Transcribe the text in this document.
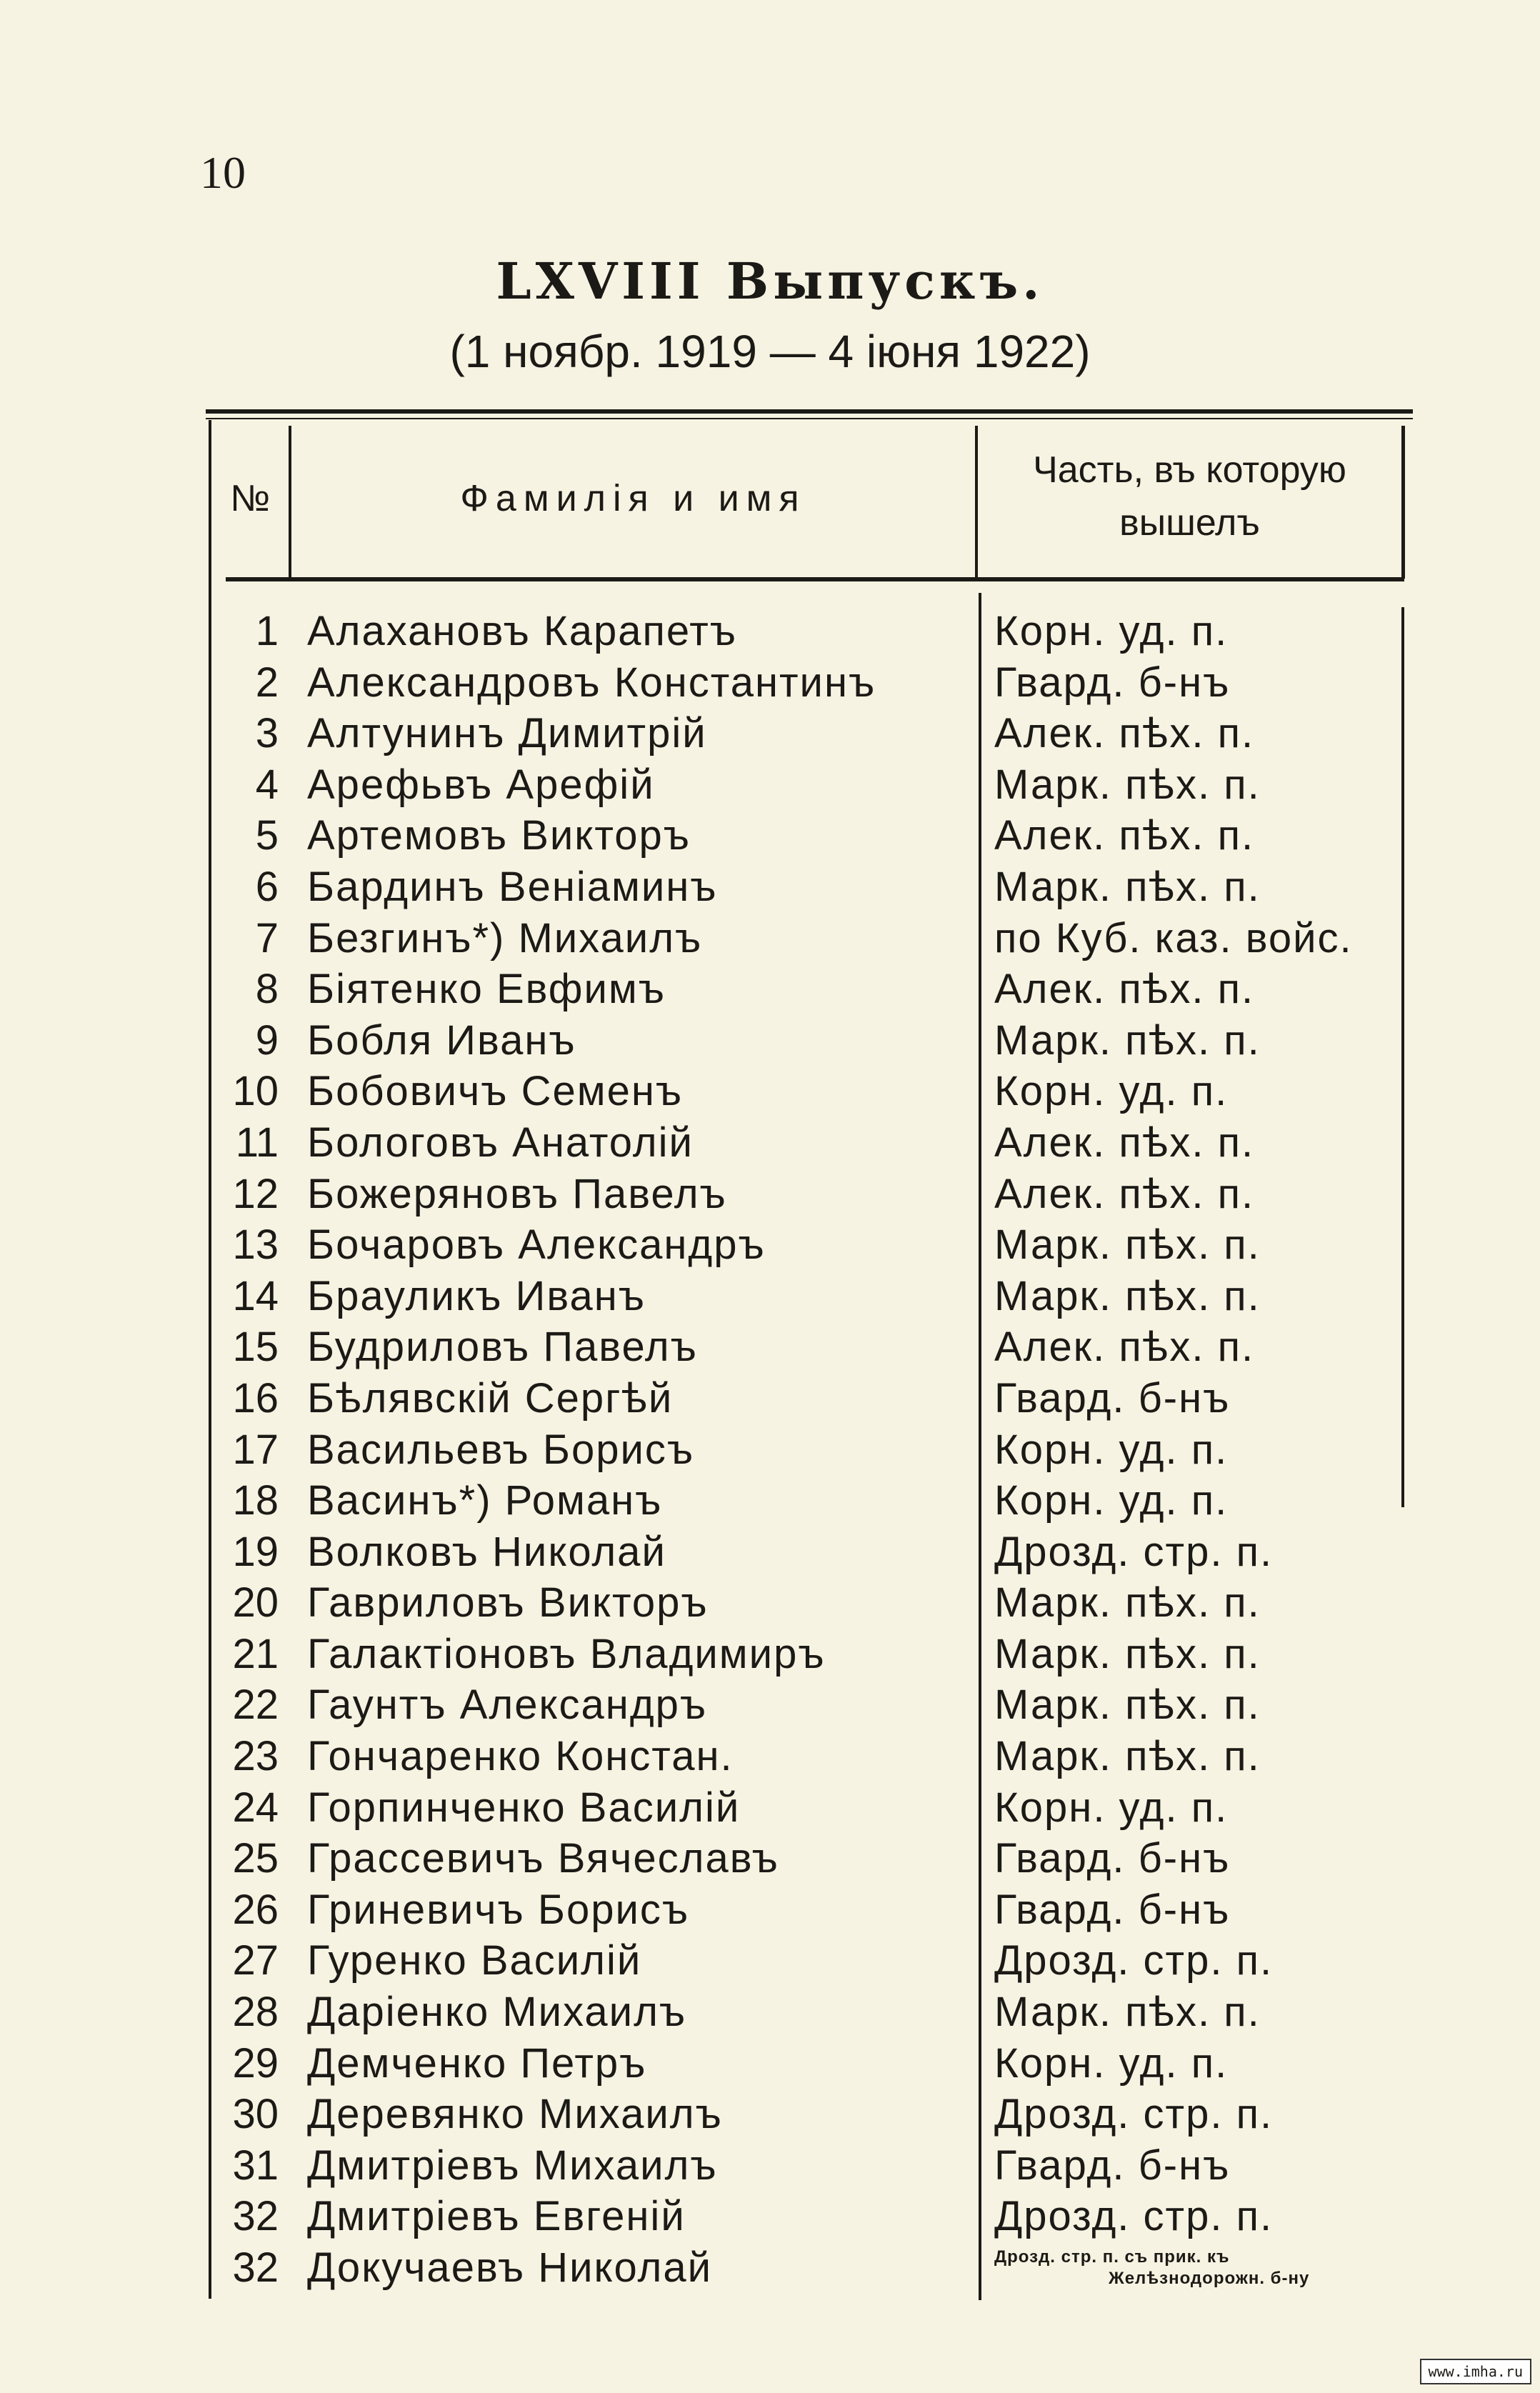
10
LXVIII Выпускъ.
(1 ноябр. 1919 — 4 іюня 1922)
№	Фамилія и имя
Часть, въ которую
вышелъ
1 Алахановъ Карапетъ	Корн. уд. п.
2 Александровъ Константинъ	Гвард. б-нъ
3 Алтунинъ Димитрій	Алек. пѣх. п.
4 Арефьвъ Арефій	Марк. пѣх. п.
5 Артемовъ Викторъ	Алек. пѣх. п.
6 Бардинъ Веніаминъ	Марк. пѣх. п.
7 Безгинъ*) Михаилъ	по Куб. каз. войс.
8 Біятенко Евфимъ	Алек. пѣх. п.
9 Бобля Иванъ	Марк. пѣх. п.
10 Бобовичъ Семенъ	Корн. уд. п.
11 Бологовъ Анатолій	Алек. пѣх. п.
12 Божеряновъ Павелъ	Алек. пѣх. п.
13 Бочаровъ Александръ	Марк. пѣх. п.
14 Брауликъ Иванъ	Марк. пѣх. п.
15 Будриловъ Павелъ	Алек. пѣх. п.
16 Бѣлявскій Сергѣй	Гвард. б-нъ
17 Васильевъ Борисъ	Корн. уд. п.
18 Васинъ*) Романъ	Корн. уд. п.
19 Волковъ Николай	Дрозд. стр. п.
20 Гавриловъ Викторъ	Марк. пѣх. п.
21 Галактіоновъ Владимиръ	Марк. пѣх. п.
22 Гаунтъ Александръ	Марк. пѣх. п.
23 Гончаренко Констан.	Марк. пѣх. п.
24 Горпинченко Василій	Корн. уд. п.
25 Грассевичъ Вячеславъ	Гвард. б-нъ
26 Гриневичъ Борисъ	Гвард. б-нъ
27 Гуренко Василій	Дрозд. стр. п.
28 Даріенко Михаилъ	Марк. пѣх. п.
29 Демченко Петръ	Корн. уд. п.
30 Деревянко Михаилъ	Дрозд. стр. п.
31 Дмитріевъ Михаилъ	Гвард. б-нъ
32 Дмитріевъ Евгеній	Дрозд. стр. п.
32 Докучаевъ Николай	Дрозд. стр. п. съ прик. къ
Желѣзнодорожн. б-ну
www.imha.ru
